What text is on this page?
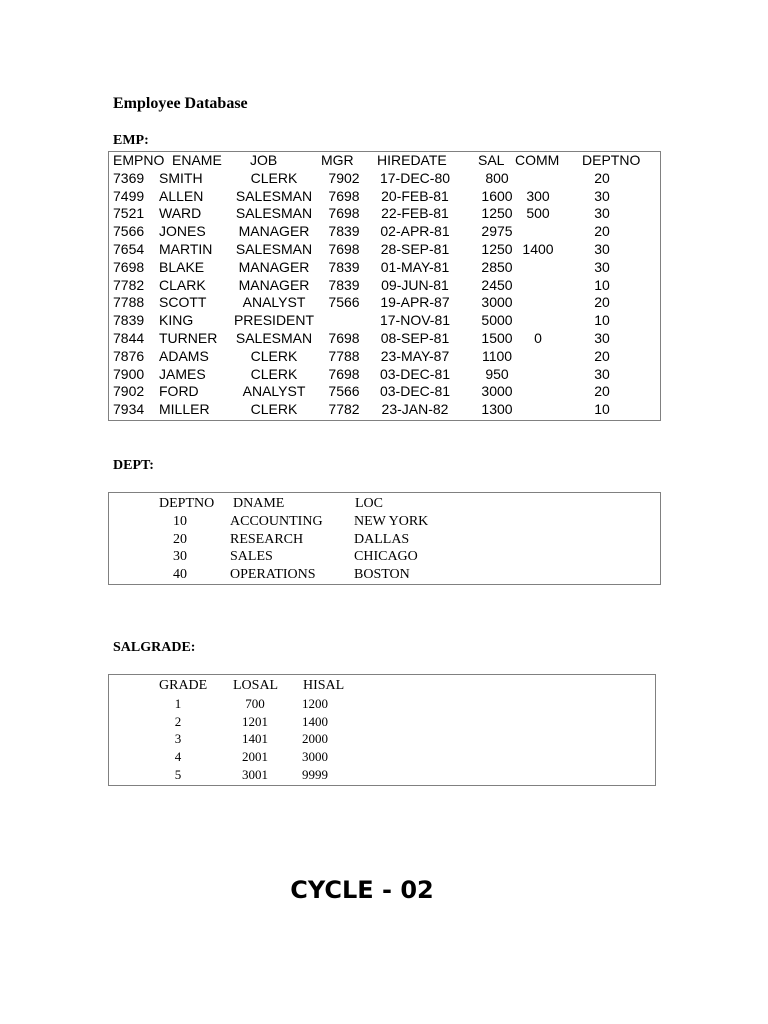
Employee Database
EMP:
DEPT:
SALGRADE:
EMPNO ENAME JOB	MGR HIREDATE SAL COMM DEPTNO
7369 SMITH	CLERK 7902 17-DEC-80	800	20
7499 ALLEN SALESMAN 7698 20-FEB-81 1600 300	30
7521 WARD SALESMAN 7698 22-FEB-81 1250 500	30
7566 JONES MANAGER 7839 02-APR-81 2975	20
7654 MARTIN SALESMAN 7698 28-SEP-81 1250 1400	30
7698 BLAKE MANAGER 7839 01-MAY-81 2850	30
7782 CLARK MANAGER 7839 09-JUN-81 2450	10
7788 SCOTT	ANALYST 7566 19-APR-87 3000	20
7839 KING	PRESIDENT	17-NOV-81 5000	10
7844 TURNER SALESMAN 7698 08-SEP-81 1500 0	30
7876 ADAMS	CLERK 7788 23-MAY-87 1100	20
7900 JAMES	CLERK 7698 03-DEC-81	950	30
7902 FORD	ANALYST 7566 03-DEC-81 3000	20
7934 MILLER	CLERK 7782 23-JAN-82 1300	10
DEPTNO DNAME	LOC
10	ACCOUNTING NEW YORK
20	RESEARCH	DALLAS
30	SALES	CHICAGO
40	OPERATIONS	BOSTON
GRADE LOSAL HISAL
1	700	1200
2	1201	1400
3	1401	2000
4	2001	3000
5	3001	9999
CYCLE - 02
